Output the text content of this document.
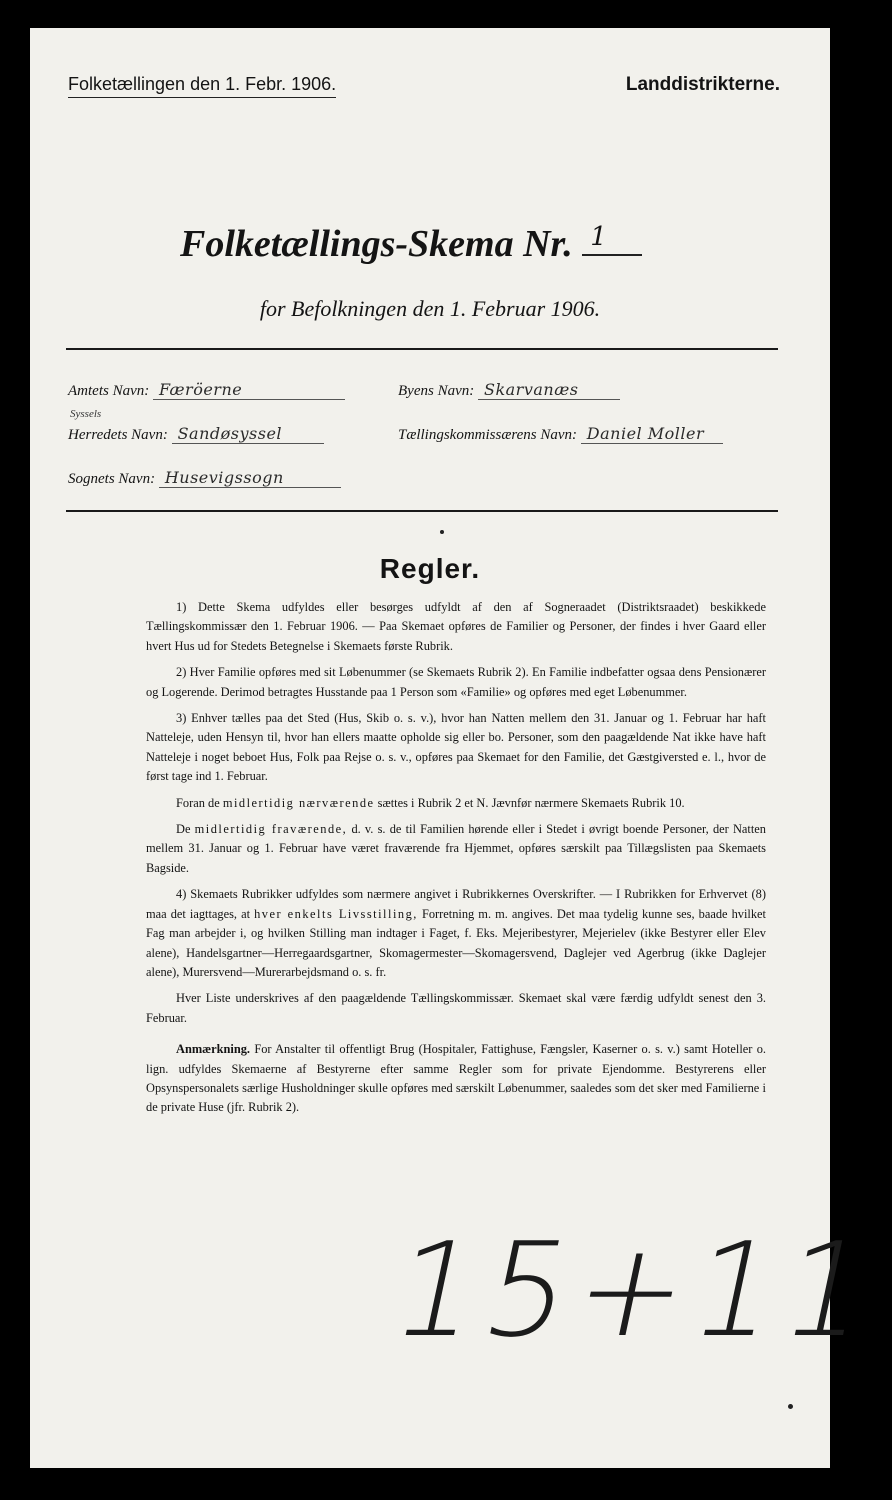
Folketællingen den 1. Febr. 1906.	Landdistrikterne.
Folketællings-Skema Nr. 1
for Befolkningen den 1. Februar 1906.
Amtets Navn: Færöerne	Byens Navn: Skarvanæs
Syssels
Herredets Navn: Sandøsyssel	Tællingskommissærens Navn: Daniel Moller
Sognets Navn: Husevigssogn
Regler.

1) Dette Skema udfyldes eller besørges udfyldt af den af Sogneraadet (Distriktsraadet) beskikkede Tællingskommissær den 1. Februar 1906. — Paa Skemaet opføres de Familier og Personer, der findes i hver Gaard eller hvert Hus ud for Stedets Betegnelse i Skemaets første Rubrik.

2) Hver Familie opføres med sit Løbenummer (se Skemaets Rubrik 2). En Familie indbefatter ogsaa dens Pensionærer og Logerende. Derimod betragtes Husstande paa 1 Person som «Familie» og opføres med eget Løbenummer.

3) Enhver tælles paa det Sted (Hus, Skib o. s. v.), hvor han Natten mellem den 31. Januar og 1. Februar har haft Natteleje, uden Hensyn til, hvor han ellers maatte opholde sig eller bo. Personer, som den paagældende Nat ikke have haft Natteleje i noget beboet Hus, Folk paa Rejse o. s. v., opføres paa Skemaet for den Familie, det Gæstgiversted e. l., hvor de først tage ind 1. Februar.

Foran de midlertidig nærværende sættes i Rubrik 2 et N. Jævnfør nærmere Skemaets Rubrik 10.

De midlertidig fraværende, d. v. s. de til Familien hørende eller i Stedet i øvrigt boende Personer, der Natten mellem 31. Januar og 1. Februar have været fraværende fra Hjemmet, opføres særskilt paa Tillægslisten paa Skemaets Bagside.

4) Skemaets Rubrikker udfyldes som nærmere angivet i Rubrikkernes Overskrifter. — I Rubrikken for Erhvervet (8) maa det iagttages, at hver enkelts Livsstilling, Forretning m. m. angives. Det maa tydelig kunne ses, baade hvilket Fag man arbejder i, og hvilken Stilling man indtager i Faget, f. Eks. Mejeribestyrer, Mejerielev (ikke Bestyrer eller Elev alene), Handelsgartner—Herregaardsgartner, Skomagermester—Skomagersvend, Daglejer ved Agerbrug (ikke Daglejer alene), Murersvend—Murerarbejdsmand o. s. fr.

Hver Liste underskrives af den paagældende Tællingskommissær. Skemaet skal være færdig udfyldt senest den 3. Februar.

Anmærkning. For Anstalter til offentligt Brug (Hospitaler, Fattighuse, Fængsler, Kaserner o. s. v.) samt Hoteller o. lign. udfyldes Skemaerne af Bestyrerne efter samme Regler som for private Ejendomme. Bestyrerens eller Opsynspersonalets særlige Husholdninger skulle opføres med særskilt Løbenummer, saaledes som det sker med Familierne i de private Huse (jfr. Rubrik 2).

15+11
